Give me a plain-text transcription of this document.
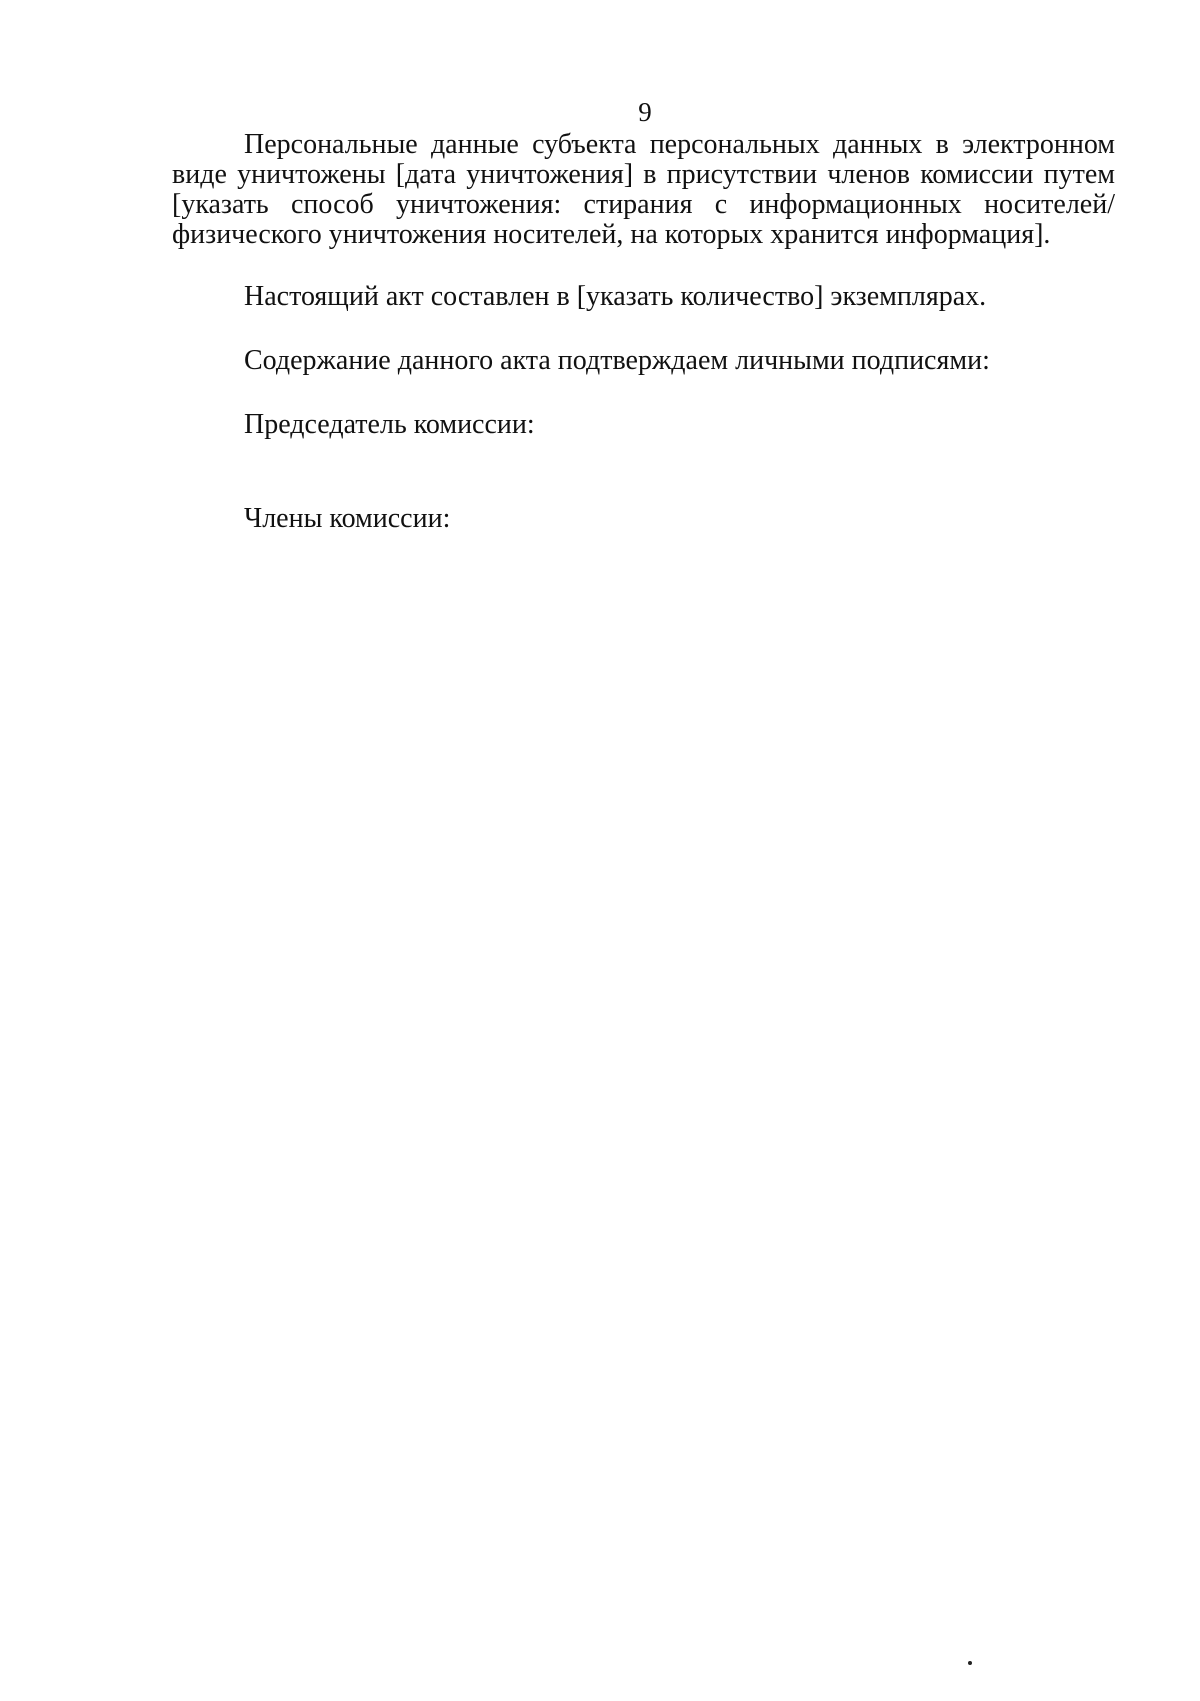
9

Персональные данные субъекта персональных данных в электронном виде уничтожены [дата уничтожения] в присутствии членов комиссии путем [указать способ уничтожения: стирания с информационных носителей/физического уничтожения носителей, на которых хранится информация].

Настоящий акт составлен в [указать количество] экземплярах.

Содержание данного акта подтверждаем личными подписями:

Председатель комиссии:

Члены комиссии:
